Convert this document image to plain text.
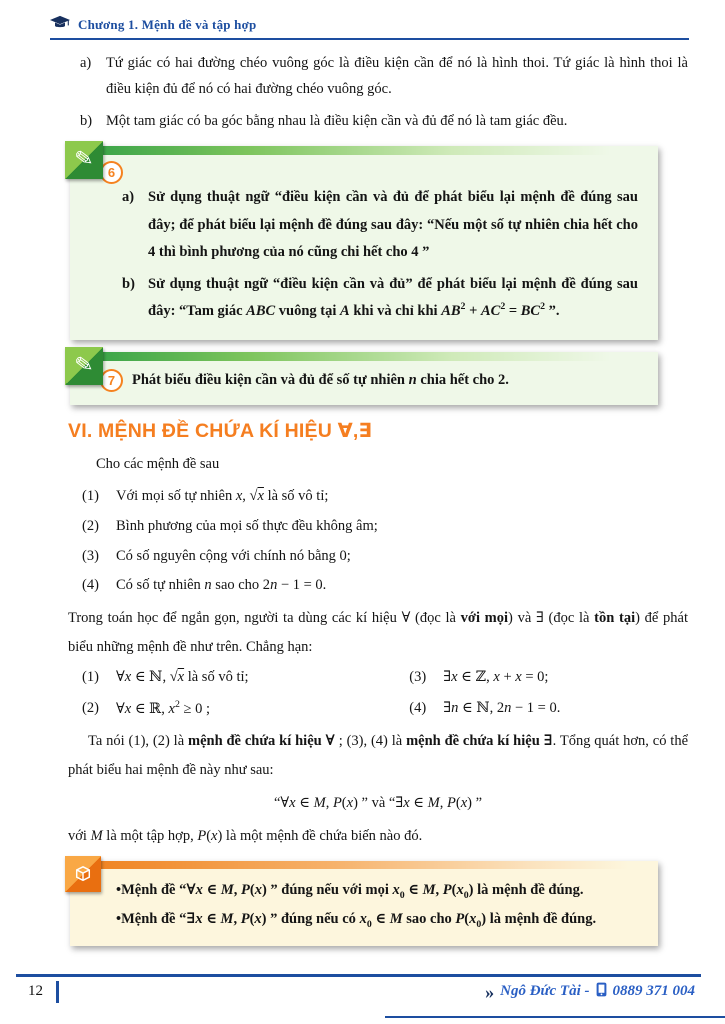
Chương 1. Mệnh đề và tập hợp
a)	Tứ giác có hai đường chéo vuông góc là điều kiện cần để nó là hình thoi. Tứ giác là hình thoi là điều kiện đủ để nó có hai đường chéo vuông góc.
b) Một tam giác có ba góc bằng nhau là điều kiện cần và đủ để nó là tam giác đều.
✎	6
a) Sử dụng thuật ngữ “điều kiện cần và đủ để phát biểu lại mệnh đề đúng sau đây; để phát biểu lại mệnh đề đúng sau đây: “Nếu một số tự nhiên chia hết cho 4 thì bình phương của nó cũng chi hết cho 4 ”
b) Sử dụng thuật ngữ “điều kiện cần và đủ” để phát biểu lại mệnh đề đúng sau đây: “Tam giác ABC vuông tại A khi và chỉ khi $AB^2 + AC^2 = BC^2$ ”.
✎
7	Phát biểu điều kiện cần và đủ để số tự nhiên n chia hết cho 2.
VI. MỆNH ĐỀ CHỨA KÍ HIỆU ∀,∃

Cho các mệnh đề sau

(1)	Với mọi số tự nhiên x, √x là số vô tỉ;
(2)	Bình phương của mọi số thực đều không âm;
(3)	Có số nguyên cộng với chính nó bằng 0;
(4)	Có số tự nhiên n sao cho 2n − 1 = 0.

Trong toán học để ngắn gọn, người ta dùng các kí hiệu ∀ (đọc là với mọi) và ∃ (đọc là tồn tại) để phát biểu những mệnh đề như trên. Chẳng hạn:

(1)	∀x ∈ ℕ, √x là số vô tỉ;	(3)	∃x ∈ ℤ, x + x = 0;
(2)	∀x ∈ ℝ, $x^2 \ge 0$ ;	(4)	∃n ∈ ℕ, 2n − 1 = 0.

Ta nói (1), (2) là mệnh đề chứa kí hiệu ∀ ; (3), (4) là mệnh đề chứa kí hiệu ∃. Tổng quát hơn, có thể phát biểu hai mệnh đề này như sau:

“∀x ∈ M, P(x) ” và “∃x ∈ M, P(x) ”

với M là một tập hợp, P(x) là một mệnh đề chứa biến nào đó.

•Mệnh đề “∀x ∈ M, P(x) ” đúng nếu với mọi $x_0$ ∈ M, $P(x_0)$ là mệnh đề đúng.

•Mệnh đề “∃x ∈ M, P(x) ” đúng nếu có $x_0$ ∈ M sao cho $P(x_0)$ là mệnh đề đúng.

12	» Ngô Đức Tài - 0889 371 004
